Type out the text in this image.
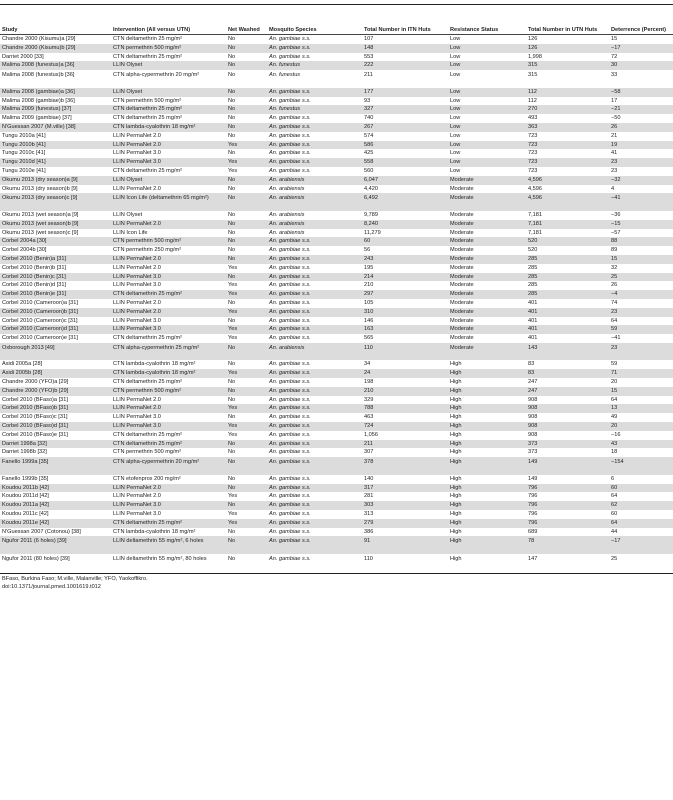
Study	Intervention (All versus UTN)	Net Washed	Mosquito Species	Total Number in ITN Huts	Resistance Status	Total Number in UTN Huts	Deterrence (Percent)
Chandre 2000 (Kisumu)a [29]	CTN deltamethrin 25 mg/m²	No	An. gambiae s.s.	107	Low	126	15
Chandre 2000 (Kisumu)b [29]	CTN permethrin 500 mg/m²	No	An. gambiae s.s.	148	Low	126	−17
Darriet 2000 [33]	CTN deltamethrin 25 mg/m²	No	An. gambiae s.s.	553	Low	1,998	72
Malima 2008 (funestus)a [36]	LLIN Olyset	No	An. funestus	222	Low	315	30
Malima 2008 (funestus)b [36]	CTN alpha-cypermethrin 20 mg/m²	No	An. funestus	211	Low	315	33
Malima 2008 (gambiae)a [36]	LLIN Olyset	No	An. gambiae s.s.	177	Low	112	−58
Malima 2008 (gambiae)b [36]	CTN permethrin 500 mg/m²	No	An. gambiae s.s.	93	Low	112	17
Malima 2009 (funestus) [37]	CTN deltamethrin 25 mg/m²	No	An. funestus	327	Low	270	−21
Malima 2009 (gambiae) [37]	CTN deltamethrin 25 mg/m²	No	An. gambiae s.s.	740	Low	493	−50
N'Guessan 2007 (M.ville) [38]	CTN lambda-cyalothrin 18 mg/m²	No	An. gambiae s.s.	267	Low	363	26
Tungu 2010a [41]	LLIN PermaNet 2.0	No	An. gambiae s.s.	574	Low	723	21
Tungu 2010b [41]	LLIN PermaNet 2.0	Yes	An. gambiae s.s.	586	Low	723	19
Tungu 2010c [41]	LLIN PermaNet 3.0	No	An. gambiae s.s.	425	Low	723	41
Tungu 2010d [41]	LLIN PermaNet 3.0	Yes	An. gambiae s.s.	558	Low	723	23
Tungu 2010e [41]	CTN deltamethrin 25 mg/m²	Yes	An. gambiae s.s.	560	Low	723	23
Okumu 2013 (dry season)a [9]	LLIN Olyset	No	An. arabiensis	6,047	Moderate	4,596	−32
Okumu 2013 (dry season)b [9]	LLIN PermaNet 2.0	No	An. arabiensis	4,420	Moderate	4,596	4
Okumu 2013 (dry season)c [9]	LLIN Icon Life (deltamethrin 65 mg/m²)	No	An. arabiensis	6,492	Moderate	4,596	−41
Okumu 2013 (wet season)a [9]	LLIN Olyset	No	An. arabiensis	9,789	Moderate	7,181	−36
Okumu 2013 (wet season)b [9]	LLIN PermaNet 2.0	No	An. arabiensis	8,240	Moderate	7,181	−15
Okumu 2013 (wet season)c [9]	LLIN Icon Life	No	An. arabiensis	11,279	Moderate	7,181	−57
Corbel 2004a [30]	CTN permethrin 500 mg/m²	No	An. gambiae s.s.	60	Moderate	520	88
Corbel 2004b [30]	CTN permethrin 250 mg/m²	No	An. gambiae s.s.	56	Moderate	520	89
Corbel 2010 (Benin)a [31]	LLIN PermaNet 2.0	No	An. gambiae s.s.	243	Moderate	285	15
Corbel 2010 (Benin)b [31]	LLIN PermaNet 2.0	Yes	An. gambiae s.s.	195	Moderate	285	32
Corbel 2010 (Benin)c [31]	LLIN PermaNet 3.0	No	An. gambiae s.s.	214	Moderate	285	25
Corbel 2010 (Benin)d [31]	LLIN PermaNet 3.0	Yes	An. gambiae s.s.	210	Moderate	285	26
Corbel 2010 (Benin)e [31]	CTN deltamethrin 25 mg/m²	Yes	An. gambiae s.s.	297	Moderate	285	−4
Corbel 2010 (Cameroon)a [31]	LLIN PermaNet 2.0	No	An. gambiae s.s.	105	Moderate	401	74
Corbel 2010 (Cameroon)b [31]	LLIN PermaNet 2.0	Yes	An. gambiae s.s.	310	Moderate	401	23
Corbel 2010 (Cameroon)c [31]	LLIN PermaNet 3.0	No	An. gambiae s.s.	146	Moderate	401	64
Corbel 2010 (Cameroon)d [31]	LLIN PermaNet 3.0	Yes	An. gambiae s.s.	163	Moderate	401	59
Corbel 2010 (Cameroon)e [31]	CTN deltamethrin 25 mg/m²	Yes	An. gambiae s.s.	565	Moderate	401	−41
Oxborough 2013 [49]	CTN alpha-cypermethrin 25 mg/m²	No	An. arabiensis	110	Moderate	143	23
Asidi 2005a [28]	CTN lambda-cyalothrin 18 mg/m²	No	An. gambiae s.s.	34	High	83	59
Asidi 2005b [28]	CTN lambda-cyalothrin 18 mg/m²	Yes	An. gambiae s.s.	24	High	83	71
Chandre 2000 (YFO)a [29]	CTN deltamethrin 25 mg/m²	No	An. gambiae s.s.	198	High	247	20
Chandre 2000 (YFO)b [29]	CTN permethrin 500 mg/m²	No	An. gambiae s.s.	210	High	247	15
Corbel 2010 (BFaso)a [31]	LLIN PermaNet 2.0	No	An. gambiae s.s.	329	High	908	64
Corbel 2010 (BFaso)b [31]	LLIN PermaNet 2.0	Yes	An. gambiae s.s.	788	High	908	13
Corbel 2010 (BFaso)c [31]	LLIN PermaNet 3.0	No	An. gambiae s.s.	463	High	908	49
Corbel 2010 (BFaso)d [31]	LLIN PermaNet 3.0	Yes	An. gambiae s.s.	724	High	908	20
Corbel 2010 (BFaso)e [31]	CTN deltamethrin 25 mg/m²	Yes	An. gambiae s.s.	1,056	High	908	−16
Darriet 1998a [32]	CTN deltamethrin 25 mg/m²	No	An. gambiae s.s.	211	High	373	43
Darriet 1998b [32]	CTN permethrin 500 mg/m²	No	An. gambiae s.s.	307	High	373	18
Fanello 1999a [35]	CTN alpha-cypermethrin 20 mg/m²	No	An. gambiae s.s.	378	High	149	−154
Fanello 1999b [35]	CTN etofenprox 200 mg/m²	No	An. gambiae s.s.	140	High	149	6
Koudou 2011b [42]	LLIN PermaNet 2.0	No	An. gambiae s.s.	317	High	796	60
Koudou 2011d [42]	LLIN PermaNet 2.0	Yes	An. gambiae s.s.	281	High	796	64
Koudou 2011a [42]	LLIN PermaNet 3.0	No	An. gambiae s.s.	303	High	796	62
Koudou 2011c [42]	LLIN PermaNet 3.0	Yes	An. gambiae s.s.	313	High	796	60
Koudou 2011e [42]	CTN deltamethrin 25 mg/m²	Yes	An. gambiae s.s.	279	High	796	64
N'Guessan 2007 (Cotonou) [38]	CTN lambda-cyalothrin 18 mg/m²	No	An. gambiae s.s.	386	High	689	44
Ngufor 2011 (6 holes) [39]	LLIN deltamethrin 55 mg/m², 6 holes	No	An. gambiae s.s.	91	High	78	−17
Ngufor 2011 (80 holes) [39]	LLIN deltamethrin 55 mg/m², 80 holes	No	An. gambiae s.s.	110	High	147	25
BFaso, Burkina Faso; M.ville, Malanville; YFO, Yaokoffikro.
doi:10.1371/journal.pmed.1001619.t012
